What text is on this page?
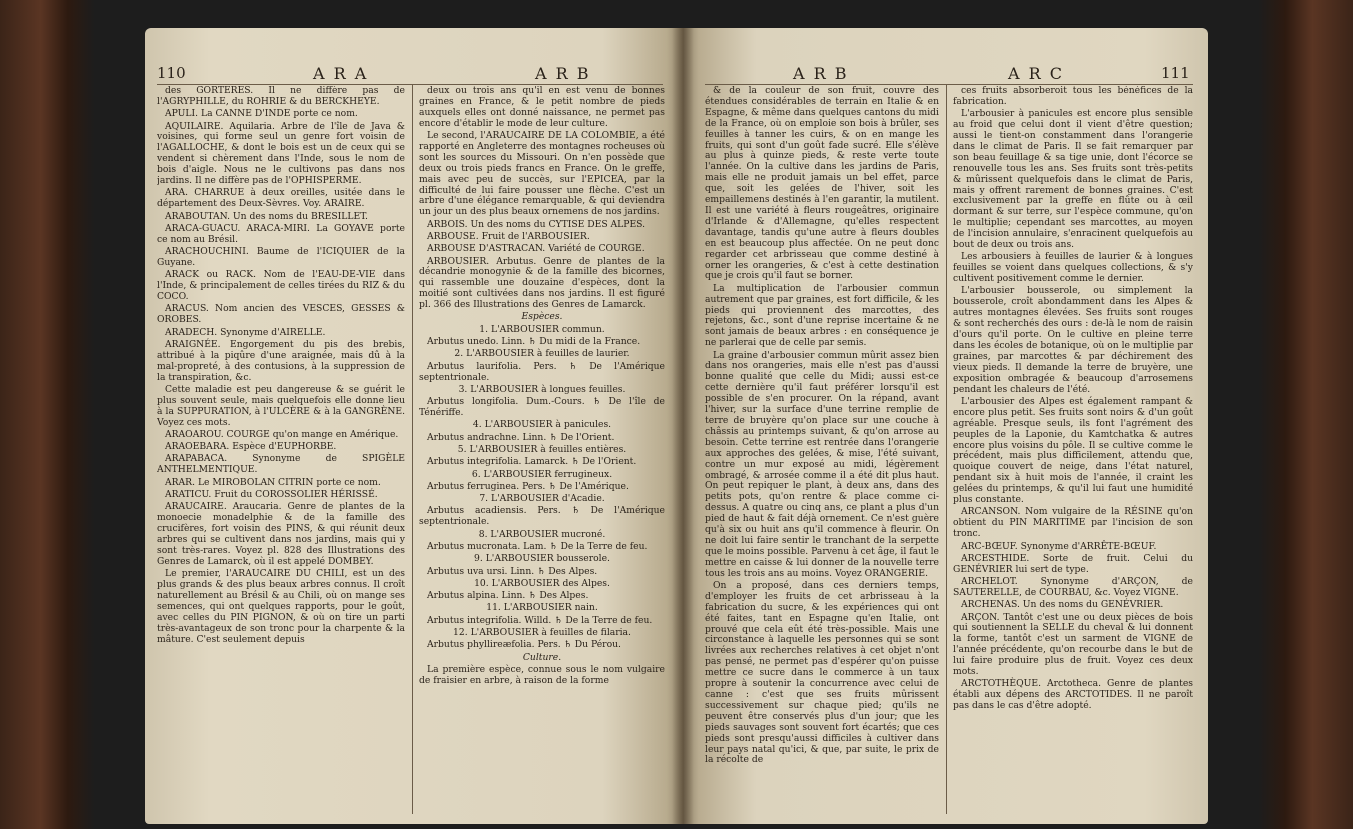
110	A R A	A R B

des GORTÈRES. Il ne diffère pas de l'AGRYPHILLE, du ROHRIE & du BERCKHEYE.

APULI. La CANNE D'INDE porte ce nom.

AQUILAIRE. Aquilaria. Arbre de l'île de Java & voisines, qui forme seul un genre fort voisin de l'AGALLOCHE, & dont le bois est un de ceux qui se vendent si chèrement dans l'Inde, sous le nom de bois d'aigle. Nous ne le cultivons pas dans nos jardins. Il ne diffère pas de l'OPHISPERME.

ARA. CHARRUE à deux oreilles, usitée dans le département des Deux-Sèvres. Voy. ARAIRE.

ARABOUTAN. Un des noms du BRESILLET.

ARACA-GUACU. ARACA-MIRI. La GOYAVE porte ce nom au Brésil.

ARACHOUCHINI. Baume de l'ICIQUIER de la Guyane.

ARACK ou RACK. Nom de l'EAU-DE-VIE dans l'Inde, & principalement de celles tirées du RIZ & du COCO.

ARACUS. Nom ancien des VESCES, GESSES & OROBES.

ARADECH. Synonyme d'AIRELLE.

ARAIGNÉE. Engorgement du pis des brebis, attribué à la piqûre d'une araignée, mais dû à la mal-propreté, à des contusions, à la suppression de la transpiration, &c.

Cette maladie est peu dangereuse & se guérit le plus souvent seule, mais quelquefois elle donne lieu à la SUPPURATION, à l'ULCÈRE & à la GANGRÈNE. Voyez ces mots.

ARAOAROU. COURGE qu'on mange en Amérique.

ARAOEBARA. Espèce d'EUPHORBE.

ARAPABACA. Synonyme de SPIGÈLE ANTHELMENTIQUE.

ARAR. Le MIROBOLAN CITRIN porte ce nom.

ARATICU. Fruit du COROSSOLIER HÉRISSÉ.

ARAUCAIRE. Araucaria. Genre de plantes de la monoecie monadelphie & de la famille des crucifères, fort voisin des PINS, & qui réunit deux arbres qui se cultivent dans nos jardins, mais qui y sont très-rares. Voyez pl. 828 des Illustrations des Genres de Lamarck, où il est appelé DOMBEY.

Le premier, l'ARAUCAIRE DU CHILI, est un des plus grands & des plus beaux arbres connus. Il croît naturellement au Brésil & au Chili, où on mange ses semences, qui ont quelques rapports, pour le goût, avec celles du PIN PIGNON, & où on tire un parti très-avantageux de son tronc pour la charpente & la mâture. C'est seulement depuis

deux ou trois ans qu'il en est venu de bonnes graines en France, & le petit nombre de pieds auxquels elles ont donné naissance, ne permet pas encore d'établir le mode de leur culture.

Le second, l'ARAUCAIRE DE LA COLOMBIE, a été rapporté en Angleterre des montagnes rocheuses où sont les sources du Missouri. On n'en possède que deux ou trois pieds francs en France. On le greffe, mais avec peu de succès, sur l'EPICEA, par la difficulté de lui faire pousser une flèche. C'est un arbre d'une élégance remarquable, & qui deviendra un jour un des plus beaux ornemens de nos jardins.

ARBOIS. Un des noms du CYTISE DES ALPES.

ARBOUSE. Fruit de l'ARBOUSIER.

ARBOUSE D'ASTRACAN. Variété de COURGE.

ARBOUSIER. Arbutus. Genre de plantes de la décandrie monogynie & de la famille des bicornes, qui rassemble une douzaine d'espèces, dont la moitié sont cultivées dans nos jardins. Il est figuré pl. 366 des Illustrations des Genres de Lamarck.

Espèces.

1. L'ARBOUSIER commun.

Arbutus unedo. Linn. ♄ Du midi de la France.

2. L'ARBOUSIER à feuilles de laurier.

Arbutus laurifolia. Pers. ♄ De l'Amérique septentrionale.

3. L'ARBOUSIER à longues feuilles.

Arbutus longifolia. Dum.-Cours. ♄ De l'île de Ténériffe.

4. L'ARBOUSIER à panicules.

Arbutus andrachne. Linn. ♄ De l'Orient.

5. L'ARBOUSIER à feuilles entières.

Arbutus integrifolia. Lamarck. ♄ De l'Orient.

6. L'ARBOUSIER ferrugineux.

Arbutus ferruginea. Pers. ♄ De l'Amérique.

7. L'ARBOUSIER d'Acadie.

Arbutus acadiensis. Pers. ♄ De l'Amérique septentrionale.

8. L'ARBOUSIER mucroné.

Arbutus mucronata. Lam. ♄ De la Terre de feu.

9. L'ARBOUSIER bousserole.

Arbutus uva ursi. Linn. ♄ Des Alpes.

10. L'ARBOUSIER des Alpes.

Arbutus alpina. Linn. ♄ Des Alpes.

11. L'ARBOUSIER nain.

Arbutus integrifolia. Willd. ♄ De la Terre de feu.

12. L'ARBOUSIER à feuilles de filaria.

Arbutus phyllireæfolia. Pers. ♄ Du Pérou.

Culture.

La première espèce, connue sous le nom vulgaire de fraisier en arbre, à raison de la forme

A R B	A R C	111

& de la couleur de son fruit, couvre des étendues considérables de terrain en Italie & en Espagne, & même dans quelques cantons du midi de la France, où on emploie son bois à brûler, ses feuilles à tanner les cuirs, & on en mange les fruits, qui sont d'un goût fade sucré. Elle s'élève au plus à quinze pieds, & reste verte toute l'année. On la cultive dans les jardins de Paris, mais elle ne produit jamais un bel effet, parce que, soit les gelées de l'hiver, soit les empaillemens destinés à l'en garantir, la mutilent. Il est une variété à fleurs rougeâtres, originaire d'Irlande & d'Allemagne, qu'elles respectent davantage, tandis qu'une autre à fleurs doubles en est beaucoup plus affectée. On ne peut donc regarder cet arbrisseau que comme destiné à orner les orangeries, & c'est à cette destination que je crois qu'il faut se borner.

La multiplication de l'arbousier commun autrement que par graines, est fort difficile, & les pieds qui proviennent des marcottes, des rejetons, &c., sont d'une reprise incertaine & ne sont jamais de beaux arbres : en conséquence je ne parlerai que de celle par semis.

La graine d'arbousier commun mûrit assez bien dans nos orangeries, mais elle n'est pas d'aussi bonne qualité que celle du Midi; aussi est-ce cette dernière qu'il faut préférer lorsqu'il est possible de s'en procurer. On la répand, avant l'hiver, sur la surface d'une terrine remplie de terre de bruyère qu'on place sur une couche à châssis au printemps suivant, & qu'on arrose au besoin. Cette terrine est rentrée dans l'orangerie aux approches des gelées, & mise, l'été suivant, contre un mur exposé au midi, légèrement ombragé, & arrosée comme il a été dit plus haut. On peut repiquer le plant, à deux ans, dans des petits pots, qu'on rentre & place comme ci-dessus. A quatre ou cinq ans, ce plant a plus d'un pied de haut & fait déjà ornement. Ce n'est guère qu'à six ou huit ans qu'il commence à fleurir. On ne doit lui faire sentir le tranchant de la serpette que le moins possible. Parvenu à cet âge, il faut le mettre en caisse & lui donner de la nouvelle terre tous les trois ans au moins. Voyez ORANGERIE.

On a proposé, dans ces derniers temps, d'employer les fruits de cet arbrisseau à la fabrication du sucre, & les expériences qui ont été faites, tant en Espagne qu'en Italie, ont prouvé que cela eût été très-possible. Mais une circonstance à laquelle les personnes qui se sont livrées aux recherches relatives à cet objet n'ont pas pensé, ne permet pas d'espérer qu'on puisse mettre ce sucre dans le commerce à un taux propre à soutenir la concurrence avec celui de canne : c'est que ses fruits mûrissent successivement sur chaque pied; qu'ils ne peuvent être conservés plus d'un jour; que les pieds sauvages sont souvent fort écartés; que ces pieds sont presqu'aussi difficiles à cultiver dans leur pays natal qu'ici, & que, par suite, le prix de la récolte de

ces fruits absorberoit tous les bénéfices de la fabrication.

L'arbousier à panicules est encore plus sensible au froid que celui dont il vient d'être question; aussi le tient-on constamment dans l'orangerie dans le climat de Paris. Il se fait remarquer par son beau feuillage & sa tige unie, dont l'écorce se renouvelle tous les ans. Ses fruits sont très-petits & mûrissent quelquefois dans le climat de Paris, mais y offrent rarement de bonnes graines. C'est exclusivement par la greffe en flûte ou à œil dormant & sur terre, sur l'espèce commune, qu'on le multiplie; cependant ses marcottes, au moyen de l'incision annulaire, s'enracinent quelquefois au bout de deux ou trois ans.

Les arbousiers à feuilles de laurier & à longues feuilles se voient dans quelques collections, & s'y cultivent positivement comme le dernier.

L'arbousier bousserole, ou simplement la bousserole, croît abondamment dans les Alpes & autres montagnes élevées. Ses fruits sont rouges & sont recherchés des ours : de-là le nom de raisin d'ours qu'il porte. On le cultive en pleine terre dans les écoles de botanique, où on le multiplie par graines, par marcottes & par déchirement des vieux pieds. Il demande la terre de bruyère, une exposition ombragée & beaucoup d'arrosemens pendant les chaleurs de l'été.

L'arbousier des Alpes est également rampant & encore plus petit. Ses fruits sont noirs & d'un goût agréable. Presque seuls, ils font l'agrément des peuples de la Laponie, du Kamtchatka & autres encore plus voisins du pôle. Il se cultive comme le précédent, mais plus difficilement, attendu que, quoique couvert de neige, dans l'état naturel, pendant six à huit mois de l'année, il craint les gelées du printemps, & qu'il lui faut une humidité plus constante.

ARCANSON. Nom vulgaire de la RÉSINE qu'on obtient du PIN MARITIME par l'incision de son tronc.

ARC-BŒUF. Synonyme d'ARRÊTE-BŒUF.

ARCESTHIDE. Sorte de fruit. Celui du GENÉVRIER lui sert de type.

ARCHELOT. Synonyme d'ARÇON, de SAUTERELLE, de COURBAU, &c. Voyez VIGNE.

ARCHENAS. Un des noms du GENÉVRIER.

ARÇON. Tantôt c'est une ou deux pièces de bois qui soutiennent la SELLE du cheval & lui donnent la forme, tantôt c'est un sarment de VIGNE de l'année précédente, qu'on recourbe dans le but de lui faire produire plus de fruit. Voyez ces deux mots.

ARCTOTHÈQUE. Arctotheca. Genre de plantes établi aux dépens des ARCTOTIDES. Il ne paroît pas dans le cas d'être adopté.
